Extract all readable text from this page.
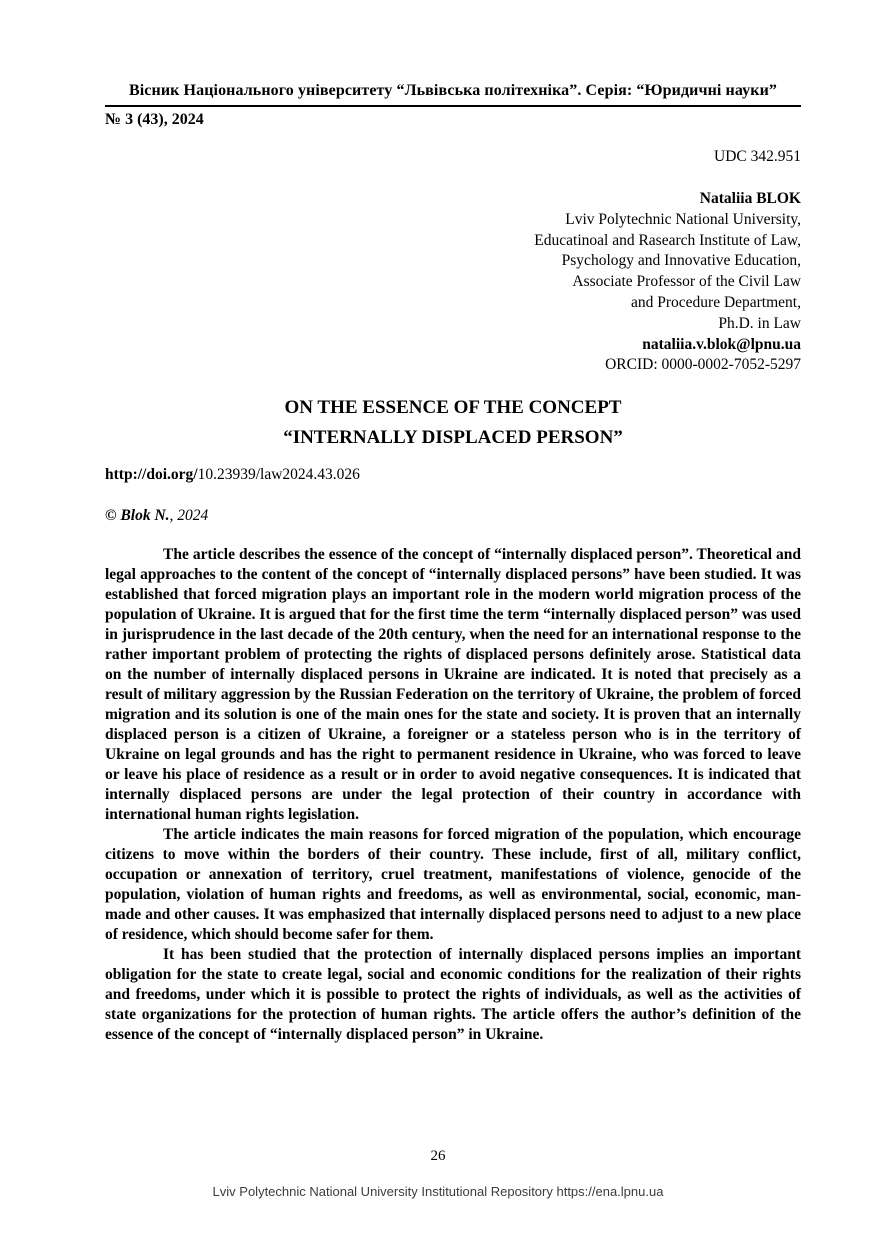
Вісник Національного університету “Львівська політехніка”. Серія: “Юридичні науки”
№ 3 (43), 2024
UDC 342.951
Nataliia BLOK
Lviv Polytechnic National University,
Educatinoal and Rasearch Institute of Law,
Psychology and Innovative Education,
Associate Professor of the Civil Law
and Procedure Department,
Ph.D. in Law
nataliia.v.blok@lpnu.ua
ORCID: 0000-0002-7052-5297
ON THE ESSENCE OF THE CONCEPT
“INTERNALLY DISPLACED PERSON”
http://doi.org/10.23939/law2024.43.026
© Blok N., 2024

The article describes the essence of the concept of “internally displaced person”. Theoretical and legal approaches to the content of the concept of “internally displaced persons” have been studied. It was established that forced migration plays an important role in the modern world migration process of the population of Ukraine. It is argued that for the first time the term “internally displaced person” was used in jurisprudence in the last decade of the 20th century, when the need for an international response to the rather important problem of protecting the rights of displaced persons definitely arose. Statistical data on the number of internally displaced persons in Ukraine are indicated. It is noted that precisely as a result of military aggression by the Russian Federation on the territory of Ukraine, the problem of forced migration and its solution is one of the main ones for the state and society. It is proven that an internally displaced person is a citizen of Ukraine, a foreigner or a stateless person who is in the territory of Ukraine on legal grounds and has the right to permanent residence in Ukraine, who was forced to leave or leave his place of residence as a result or in order to avoid negative consequences. It is indicated that internally displaced persons are under the legal protection of their country in accordance with international human rights legislation.

The article indicates the main reasons for forced migration of the population, which encourage citizens to move within the borders of their country. These include, first of all, military conflict, occupation or annexation of territory, cruel treatment, manifestations of violence, genocide of the population, violation of human rights and freedoms, as well as environmental, social, economic, man-made and other causes. It was emphasized that internally displaced persons need to adjust to a new place of residence, which should become safer for them.

It has been studied that the protection of internally displaced persons implies an important obligation for the state to create legal, social and economic conditions for the realization of their rights and freedoms, under which it is possible to protect the rights of individuals, as well as the activities of state organizations for the protection of human rights. The article offers the author’s definition of the essence of the concept of “internally displaced person” in Ukraine.

26
Lviv Polytechnic National University Institutional Repository https://ena.lpnu.ua
